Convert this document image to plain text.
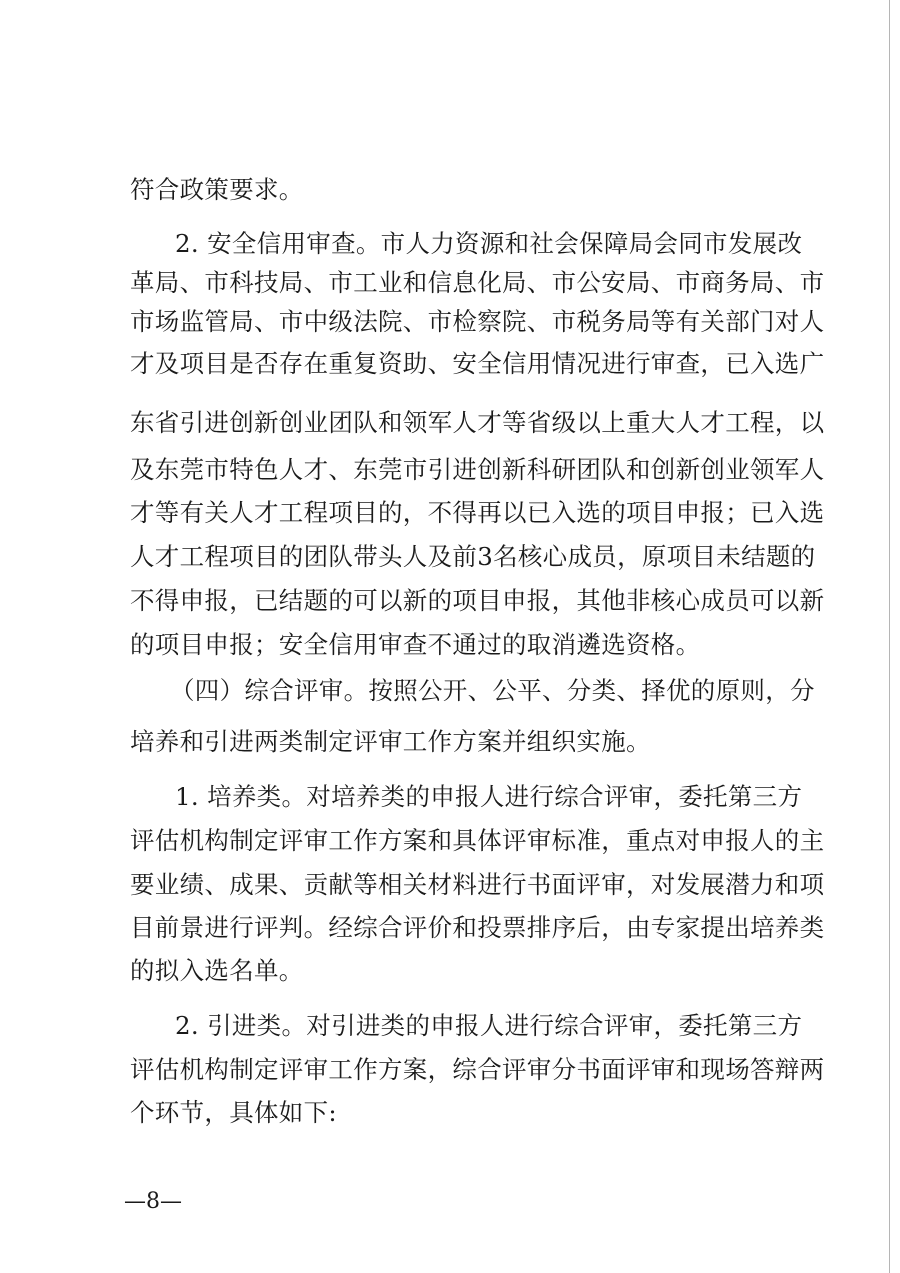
符合政策要求。
2. 安全信用审查。市人力资源和社会保障局会同市发展改
革局、市科技局、市工业和信息化局、市公安局、市商务局、市
市场监管局、市中级法院、市检察院、市税务局等有关部门对人
才及项目是否存在重复资助、安全信用情况进行审查，已入选广
东省引进创新创业团队和领军人才等省级以上重大人才工程，以
及东莞市特色人才、东莞市引进创新科研团队和创新创业领军人
才等有关人才工程项目的，不得再以已入选的项目申报；已入选
人才工程项目的团队带头人及前3名核心成员，原项目未结题的
不得申报，已结题的可以新的项目申报，其他非核心成员可以新
的项目申报；安全信用审查不通过的取消遴选资格。
（四）综合评审。按照公开、公平、分类、择优的原则，分
培养和引进两类制定评审工作方案并组织实施。
1. 培养类。对培养类的申报人进行综合评审，委托第三方
评估机构制定评审工作方案和具体评审标准，重点对申报人的主
要业绩、成果、贡献等相关材料进行书面评审，对发展潜力和项
目前景进行评判。经综合评价和投票排序后，由专家提出培养类
的拟入选名单。
2. 引进类。对引进类的申报人进行综合评审，委托第三方
评估机构制定评审工作方案，综合评审分书面评审和现场答辩两
个环节，具体如下:
—8—
